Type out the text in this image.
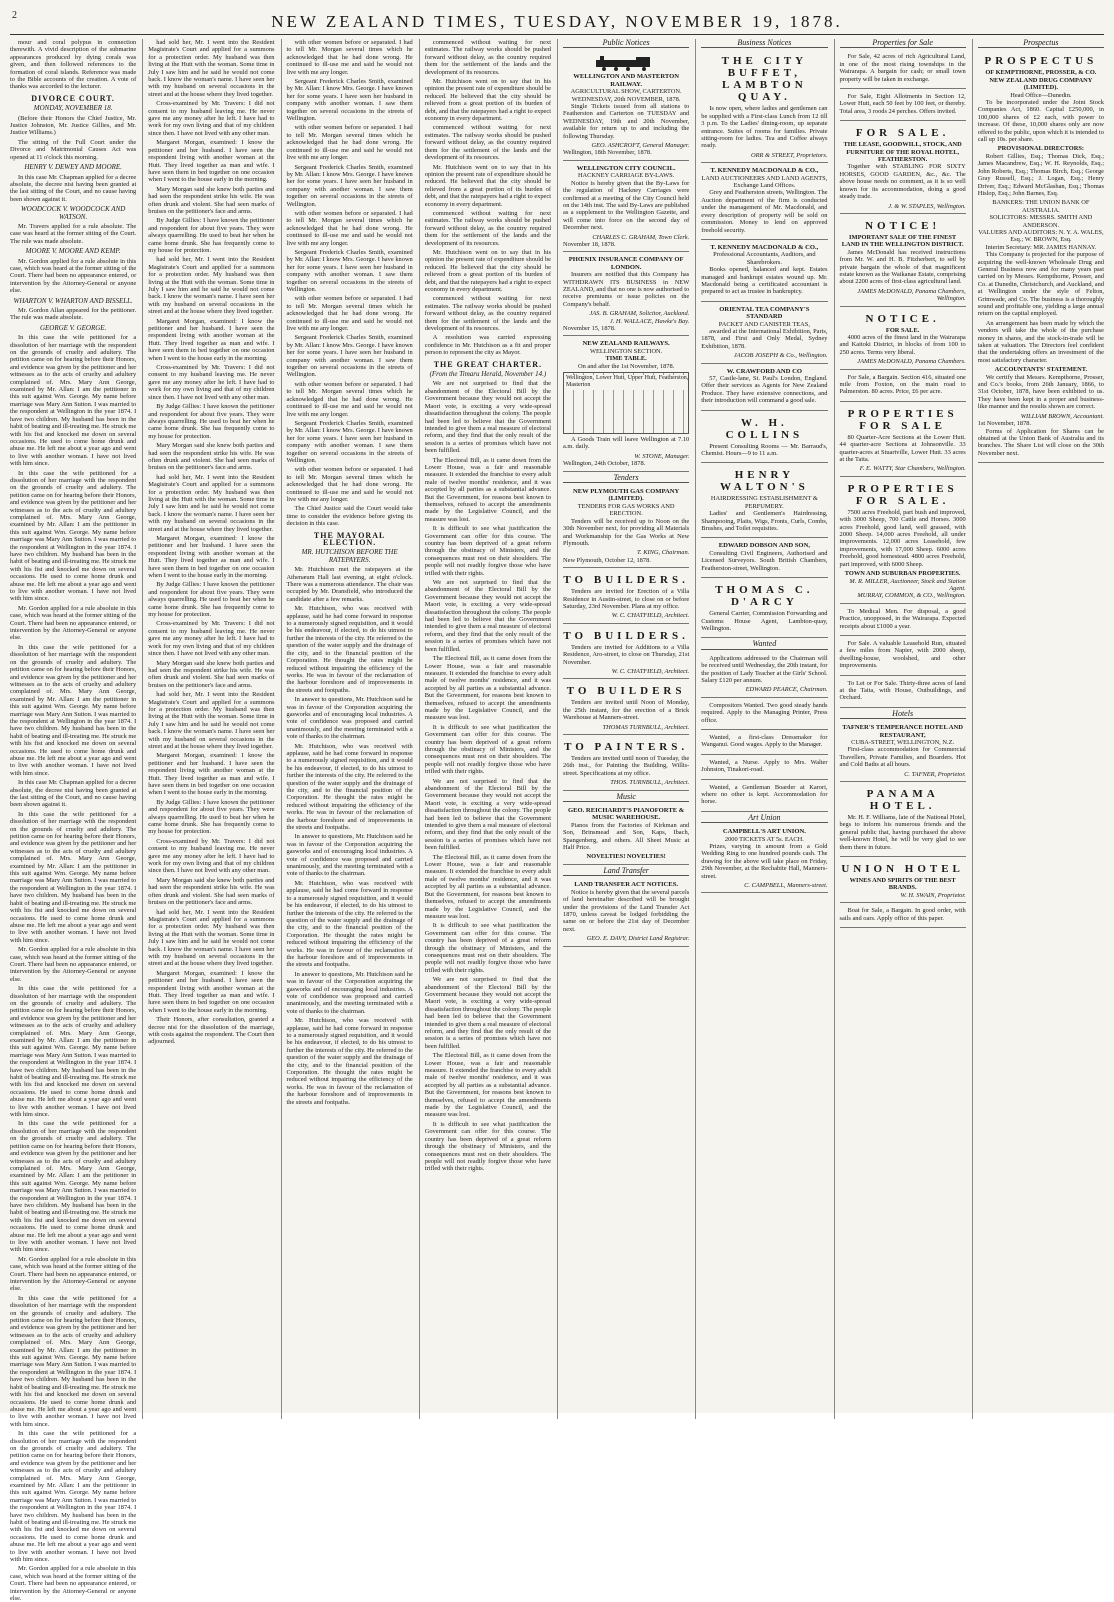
2	NEW ZEALAND TIMES, TUESDAY, NOVEMBER 19, 1878.

mour and coral polypus in connection therewith. A vivid description of the submarine appearances produced by dying corals was given, and then followed references to the formation of coral islands. Reference was made to the Bible accounts of the creation. A vote of thanks was accorded to the lecturer.

DIVORCE COURT.
MONDAY, NOVEMBER 18.

(Before their Honors the Chief Justice, Mr. Justice Johnston, Mr. Justice Gillies, and Mr. Justice Williams.)

The sitting of the Full Court under the Divorce and Matrimonial Causes Act was opened at 11 o'clock this morning.

HENRY V. DEWEY AND MOORE.

In this case Mr. Chapman applied for a decree absolute, the decree nisi having been granted at the last sitting of the Court, and no cause having been shown against it.

WOODCOCK V. WOODCOCK AND WATSON.

Mr. Travers applied for a rule absolute. The case was heard at the former sitting of the Court. The rule was made absolute.

MOORE V. MOORE AND KEMP.

Mr. Gordon applied for a rule absolute in this case, which was heard at the former sitting of the Court. There had been no appearance entered, or intervention by the Attorney-General or anyone else.

WHARTON V. WHARTON AND BISSELL.

Mr. Gordon Allan appeared for the petitioner. The rule was made absolute.

GEORGE V. GEORGE.

In this case the wife petitioned for a dissolution of her marriage with the respondent on the grounds of cruelty and adultery. The petition came on for hearing before their Honors, and evidence was given by the petitioner and her witnesses as to the acts of cruelty and adultery complained of. Mrs. Mary Ann George, examined by Mr. Allan: I am the petitioner in this suit against Wm. George. My name before marriage was Mary Ann Sutton. I was married to the respondent at Wellington in the year 1874. I have two children. My husband has been in the habit of beating and ill-treating me. He struck me with his fist and knocked me down on several occasions. He used to come home drunk and abuse me. He left me about a year ago and went to live with another woman. I have not lived with him since.

In this case the wife petitioned for a dissolution of her marriage with the respondent on the grounds of cruelty and adultery. The petition came on for hearing before their Honors, and evidence was given by the petitioner and her witnesses as to the acts of cruelty and adultery complained of. Mrs. Mary Ann George, examined by Mr. Allan: I am the petitioner in this suit against Wm. George. My name before marriage was Mary Ann Sutton. I was married to the respondent at Wellington in the year 1874. I have two children. My husband has been in the habit of beating and ill-treating me. He struck me with his fist and knocked me down on several occasions. He used to come home drunk and abuse me. He left me about a year ago and went to live with another woman. I have not lived with him since.

Mr. Gordon applied for a rule absolute in this case, which was heard at the former sitting of the Court. There had been no appearance entered, or intervention by the Attorney-General or anyone else.

In this case the wife petitioned for a dissolution of her marriage with the respondent on the grounds of cruelty and adultery. The petition came on for hearing before their Honors, and evidence was given by the petitioner and her witnesses as to the acts of cruelty and adultery complained of. Mrs. Mary Ann George, examined by Mr. Allan: I am the petitioner in this suit against Wm. George. My name before marriage was Mary Ann Sutton. I was married to the respondent at Wellington in the year 1874. I have two children. My husband has been in the habit of beating and ill-treating me. He struck me with his fist and knocked me down on several occasions. He used to come home drunk and abuse me. He left me about a year ago and went to live with another woman. I have not lived with him since.

In this case Mr. Chapman applied for a decree absolute, the decree nisi having been granted at the last sitting of the Court, and no cause having been shown against it.

In this case the wife petitioned for a dissolution of her marriage with the respondent on the grounds of cruelty and adultery. The petition came on for hearing before their Honors, and evidence was given by the petitioner and her witnesses as to the acts of cruelty and adultery complained of. Mrs. Mary Ann George, examined by Mr. Allan: I am the petitioner in this suit against Wm. George. My name before marriage was Mary Ann Sutton. I was married to the respondent at Wellington in the year 1874. I have two children. My husband has been in the habit of beating and ill-treating me. He struck me with his fist and knocked me down on several occasions. He used to come home drunk and abuse me. He left me about a year ago and went to live with another woman. I have not lived with him since.

Mr. Gordon applied for a rule absolute in this case, which was heard at the former sitting of the Court. There had been no appearance entered, or intervention by the Attorney-General or anyone else.

In this case the wife petitioned for a dissolution of her marriage with the respondent on the grounds of cruelty and adultery. The petition came on for hearing before their Honors, and evidence was given by the petitioner and her witnesses as to the acts of cruelty and adultery complained of. Mrs. Mary Ann George, examined by Mr. Allan: I am the petitioner in this suit against Wm. George. My name before marriage was Mary Ann Sutton. I was married to the respondent at Wellington in the year 1874. I have two children. My husband has been in the habit of beating and ill-treating me. He struck me with his fist and knocked me down on several occasions. He used to come home drunk and abuse me. He left me about a year ago and went to live with another woman. I have not lived with him since.

In this case the wife petitioned for a dissolution of her marriage with the respondent on the grounds of cruelty and adultery. The petition came on for hearing before their Honors, and evidence was given by the petitioner and her witnesses as to the acts of cruelty and adultery complained of. Mrs. Mary Ann George, examined by Mr. Allan: I am the petitioner in this suit against Wm. George. My name before marriage was Mary Ann Sutton. I was married to the respondent at Wellington in the year 1874. I have two children. My husband has been in the habit of beating and ill-treating me. He struck me with his fist and knocked me down on several occasions. He used to come home drunk and abuse me. He left me about a year ago and went to live with another woman. I have not lived with him since.

Mr. Gordon applied for a rule absolute in this case, which was heard at the former sitting of the Court. There had been no appearance entered, or intervention by the Attorney-General or anyone else.

In this case the wife petitioned for a dissolution of her marriage with the respondent on the grounds of cruelty and adultery. The petition came on for hearing before their Honors, and evidence was given by the petitioner and her witnesses as to the acts of cruelty and adultery complained of. Mrs. Mary Ann George, examined by Mr. Allan: I am the petitioner in this suit against Wm. George. My name before marriage was Mary Ann Sutton. I was married to the respondent at Wellington in the year 1874. I have two children. My husband has been in the habit of beating and ill-treating me. He struck me with his fist and knocked me down on several occasions. He used to come home drunk and abuse me. He left me about a year ago and went to live with another woman. I have not lived with him since.

In this case the wife petitioned for a dissolution of her marriage with the respondent on the grounds of cruelty and adultery. The petition came on for hearing before their Honors, and evidence was given by the petitioner and her witnesses as to the acts of cruelty and adultery complained of. Mrs. Mary Ann George, examined by Mr. Allan: I am the petitioner in this suit against Wm. George. My name before marriage was Mary Ann Sutton. I was married to the respondent at Wellington in the year 1874. I have two children. My husband has been in the habit of beating and ill-treating me. He struck me with his fist and knocked me down on several occasions. He used to come home drunk and abuse me. He left me about a year ago and went to live with another woman. I have not lived with him since.

Mr. Gordon applied for a rule absolute in this case, which was heard at the former sitting of the Court. There had been no appearance entered, or intervention by the Attorney-General or anyone else.

had sold her, Mr. I went into the Resident Magistrate's Court and applied for a summons for a protection order. My husband was then living at the Hutt with the woman. Some time in July I saw him and he said he would not come back. I know the woman's name. I have seen her with my husband on several occasions in the street and at the house where they lived together.

Cross-examined by Mr. Travers: I did not consent to my husband leaving me. He never gave me any money after he left. I have had to work for my own living and that of my children since then. I have not lived with any other man.

Margaret Morgan, examined: I know the petitioner and her husband. I have seen the respondent living with another woman at the Hutt. They lived together as man and wife. I have seen them in bed together on one occasion when I went to the house early in the morning.

Mary Morgan said she knew both parties and had seen the respondent strike his wife. He was often drunk and violent. She had seen marks of bruises on the petitioner's face and arms.

By Judge Gillies: I have known the petitioner and respondent for about five years. They were always quarrelling. He used to beat her when he came home drunk. She has frequently come to my house for protection.

had sold her, Mr. I went into the Resident Magistrate's Court and applied for a summons for a protection order. My husband was then living at the Hutt with the woman. Some time in July I saw him and he said he would not come back. I know the woman's name. I have seen her with my husband on several occasions in the street and at the house where they lived together.

Margaret Morgan, examined: I know the petitioner and her husband. I have seen the respondent living with another woman at the Hutt. They lived together as man and wife. I have seen them in bed together on one occasion when I went to the house early in the morning.

Cross-examined by Mr. Travers: I did not consent to my husband leaving me. He never gave me any money after he left. I have had to work for my own living and that of my children since then. I have not lived with any other man.

By Judge Gillies: I have known the petitioner and respondent for about five years. They were always quarrelling. He used to beat her when he came home drunk. She has frequently come to my house for protection.

Mary Morgan said she knew both parties and had seen the respondent strike his wife. He was often drunk and violent. She had seen marks of bruises on the petitioner's face and arms.

had sold her, Mr. I went into the Resident Magistrate's Court and applied for a summons for a protection order. My husband was then living at the Hutt with the woman. Some time in July I saw him and he said he would not come back. I know the woman's name. I have seen her with my husband on several occasions in the street and at the house where they lived together.

Margaret Morgan, examined: I know the petitioner and her husband. I have seen the respondent living with another woman at the Hutt. They lived together as man and wife. I have seen them in bed together on one occasion when I went to the house early in the morning.

By Judge Gillies: I have known the petitioner and respondent for about five years. They were always quarrelling. He used to beat her when he came home drunk. She has frequently come to my house for protection.

Cross-examined by Mr. Travers: I did not consent to my husband leaving me. He never gave me any money after he left. I have had to work for my own living and that of my children since then. I have not lived with any other man.

Mary Morgan said she knew both parties and had seen the respondent strike his wife. He was often drunk and violent. She had seen marks of bruises on the petitioner's face and arms.

had sold her, Mr. I went into the Resident Magistrate's Court and applied for a summons for a protection order. My husband was then living at the Hutt with the woman. Some time in July I saw him and he said he would not come back. I know the woman's name. I have seen her with my husband on several occasions in the street and at the house where they lived together.

Margaret Morgan, examined: I know the petitioner and her husband. I have seen the respondent living with another woman at the Hutt. They lived together as man and wife. I have seen them in bed together on one occasion when I went to the house early in the morning.

By Judge Gillies: I have known the petitioner and respondent for about five years. They were always quarrelling. He used to beat her when he came home drunk. She has frequently come to my house for protection.

Cross-examined by Mr. Travers: I did not consent to my husband leaving me. He never gave me any money after he left. I have had to work for my own living and that of my children since then. I have not lived with any other man.

Mary Morgan said she knew both parties and had seen the respondent strike his wife. He was often drunk and violent. She had seen marks of bruises on the petitioner's face and arms.

had sold her, Mr. I went into the Resident Magistrate's Court and applied for a summons for a protection order. My husband was then living at the Hutt with the woman. Some time in July I saw him and he said he would not come back. I know the woman's name. I have seen her with my husband on several occasions in the street and at the house where they lived together.

Margaret Morgan, examined: I know the petitioner and her husband. I have seen the respondent living with another woman at the Hutt. They lived together as man and wife. I have seen them in bed together on one occasion when I went to the house early in the morning.

Their Honors, after consultation, granted a decree nisi for the dissolution of the marriage, with costs against the respondent. The Court then adjourned.

with other women before or separated. I had to tell Mr. Morgan several times which he acknowledged that he had done wrong. He continued to ill-use me and said he would not live with me any longer.

Sergeant Frederick Charles Smith, examined by Mr. Allan: I know Mrs. George. I have known her for some years. I have seen her husband in company with another woman. I saw them together on several occasions in the streets of Wellington.

with other women before or separated. I had to tell Mr. Morgan several times which he acknowledged that he had done wrong. He continued to ill-use me and said he would not live with me any longer.

Sergeant Frederick Charles Smith, examined by Mr. Allan: I know Mrs. George. I have known her for some years. I have seen her husband in company with another woman. I saw them together on several occasions in the streets of Wellington.

with other women before or separated. I had to tell Mr. Morgan several times which he acknowledged that he had done wrong. He continued to ill-use me and said he would not live with me any longer.

Sergeant Frederick Charles Smith, examined by Mr. Allan: I know Mrs. George. I have known her for some years. I have seen her husband in company with another woman. I saw them together on several occasions in the streets of Wellington.

with other women before or separated. I had to tell Mr. Morgan several times which he acknowledged that he had done wrong. He continued to ill-use me and said he would not live with me any longer.

Sergeant Frederick Charles Smith, examined by Mr. Allan: I know Mrs. George. I have known her for some years. I have seen her husband in company with another woman. I saw them together on several occasions in the streets of Wellington.

with other women before or separated. I had to tell Mr. Morgan several times which he acknowledged that he had done wrong. He continued to ill-use me and said he would not live with me any longer.

Sergeant Frederick Charles Smith, examined by Mr. Allan: I know Mrs. George. I have known her for some years. I have seen her husband in company with another woman. I saw them together on several occasions in the streets of Wellington.

with other women before or separated. I had to tell Mr. Morgan several times which he acknowledged that he had done wrong. He continued to ill-use me and said he would not live with me any longer.

The Chief Justice said the Court would take time to consider the evidence before giving its decision in this case.

THE MAYORAL ELECTION.
MR. HUTCHISON BEFORE THE RATEPAYERS.

Mr. Hutchison met the ratepayers at the Athenæum Hall last evening, at eight o'clock. There was a numerous attendance. The chair was occupied by Mr. Dransfield, who introduced the candidate after a few remarks.

Mr. Hutchison, who was received with applause, said he had come forward in response to a numerously signed requisition, and it would be his endeavour, if elected, to do his utmost to further the interests of the city. He referred to the question of the water supply and the drainage of the city, and to the financial position of the Corporation. He thought the rates might be reduced without impairing the efficiency of the works. He was in favour of the reclamation of the harbour foreshore and of improvements in the streets and footpaths.

In answer to questions, Mr. Hutchison said he was in favour of the Corporation acquiring the gasworks and of encouraging local industries. A vote of confidence was proposed and carried unanimously, and the meeting terminated with a vote of thanks to the chairman.

Mr. Hutchison, who was received with applause, said he had come forward in response to a numerously signed requisition, and it would be his endeavour, if elected, to do his utmost to further the interests of the city. He referred to the question of the water supply and the drainage of the city, and to the financial position of the Corporation. He thought the rates might be reduced without impairing the efficiency of the works. He was in favour of the reclamation of the harbour foreshore and of improvements in the streets and footpaths.

In answer to questions, Mr. Hutchison said he was in favour of the Corporation acquiring the gasworks and of encouraging local industries. A vote of confidence was proposed and carried unanimously, and the meeting terminated with a vote of thanks to the chairman.

Mr. Hutchison, who was received with applause, said he had come forward in response to a numerously signed requisition, and it would be his endeavour, if elected, to do his utmost to further the interests of the city. He referred to the question of the water supply and the drainage of the city, and to the financial position of the Corporation. He thought the rates might be reduced without impairing the efficiency of the works. He was in favour of the reclamation of the harbour foreshore and of improvements in the streets and footpaths.

In answer to questions, Mr. Hutchison said he was in favour of the Corporation acquiring the gasworks and of encouraging local industries. A vote of confidence was proposed and carried unanimously, and the meeting terminated with a vote of thanks to the chairman.

Mr. Hutchison, who was received with applause, said he had come forward in response to a numerously signed requisition, and it would be his endeavour, if elected, to do his utmost to further the interests of the city. He referred to the question of the water supply and the drainage of the city, and to the financial position of the Corporation. He thought the rates might be reduced without impairing the efficiency of the works. He was in favour of the reclamation of the harbour foreshore and of improvements in the streets and footpaths.

commenced without waiting for next estimates. The railway works should be pushed forward without delay, as the country required them for the settlement of the lands and the development of its resources.

Mr. Hutchison went on to say that in his opinion the present rate of expenditure should be reduced. He believed that the city should be relieved from a great portion of its burden of debt, and that the ratepayers had a right to expect economy in every department.

commenced without waiting for next estimates. The railway works should be pushed forward without delay, as the country required them for the settlement of the lands and the development of its resources.

Mr. Hutchison went on to say that in his opinion the present rate of expenditure should be reduced. He believed that the city should be relieved from a great portion of its burden of debt, and that the ratepayers had a right to expect economy in every department.

commenced without waiting for next estimates. The railway works should be pushed forward without delay, as the country required them for the settlement of the lands and the development of its resources.

Mr. Hutchison went on to say that in his opinion the present rate of expenditure should be reduced. He believed that the city should be relieved from a great portion of its burden of debt, and that the ratepayers had a right to expect economy in every department.

commenced without waiting for next estimates. The railway works should be pushed forward without delay, as the country required them for the settlement of the lands and the development of its resources.

A resolution was carried expressing confidence in Mr. Hutchison as a fit and proper person to represent the city as Mayor.

THE GREAT CHARTER.
(From the Timaru Herald, November 14.)

We are not surprised to find that the abandonment of the Electoral Bill by the Government because they would not accept the Maori vote, is exciting a very wide-spread dissatisfaction throughout the colony. The people had been led to believe that the Government intended to give them a real measure of electoral reform, and they find that the only result of the session is a series of promises which have not been fulfilled.

The Electoral Bill, as it came down from the Lower House, was a fair and reasonable measure. It extended the franchise to every adult male of twelve months' residence, and it was accepted by all parties as a substantial advance. But the Government, for reasons best known to themselves, refused to accept the amendments made by the Legislative Council, and the measure was lost.

It is difficult to see what justification the Government can offer for this course. The country has been deprived of a great reform through the obstinacy of Ministers, and the consequences must rest on their shoulders. The people will not readily forgive those who have trifled with their rights.

We are not surprised to find that the abandonment of the Electoral Bill by the Government because they would not accept the Maori vote, is exciting a very wide-spread dissatisfaction throughout the colony. The people had been led to believe that the Government intended to give them a real measure of electoral reform, and they find that the only result of the session is a series of promises which have not been fulfilled.

The Electoral Bill, as it came down from the Lower House, was a fair and reasonable measure. It extended the franchise to every adult male of twelve months' residence, and it was accepted by all parties as a substantial advance. But the Government, for reasons best known to themselves, refused to accept the amendments made by the Legislative Council, and the measure was lost.

It is difficult to see what justification the Government can offer for this course. The country has been deprived of a great reform through the obstinacy of Ministers, and the consequences must rest on their shoulders. The people will not readily forgive those who have trifled with their rights.

We are not surprised to find that the abandonment of the Electoral Bill by the Government because they would not accept the Maori vote, is exciting a very wide-spread dissatisfaction throughout the colony. The people had been led to believe that the Government intended to give them a real measure of electoral reform, and they find that the only result of the session is a series of promises which have not been fulfilled.

The Electoral Bill, as it came down from the Lower House, was a fair and reasonable measure. It extended the franchise to every adult male of twelve months' residence, and it was accepted by all parties as a substantial advance. But the Government, for reasons best known to themselves, refused to accept the amendments made by the Legislative Council, and the measure was lost.

It is difficult to see what justification the Government can offer for this course. The country has been deprived of a great reform through the obstinacy of Ministers, and the consequences must rest on their shoulders. The people will not readily forgive those who have trifled with their rights.

We are not surprised to find that the abandonment of the Electoral Bill by the Government because they would not accept the Maori vote, is exciting a very wide-spread dissatisfaction throughout the colony. The people had been led to believe that the Government intended to give them a real measure of electoral reform, and they find that the only result of the session is a series of promises which have not been fulfilled.

The Electoral Bill, as it came down from the Lower House, was a fair and reasonable measure. It extended the franchise to every adult male of twelve months' residence, and it was accepted by all parties as a substantial advance. But the Government, for reasons best known to themselves, refused to accept the amendments made by the Legislative Council, and the measure was lost.

It is difficult to see what justification the Government can offer for this course. The country has been deprived of a great reform through the obstinacy of Ministers, and the consequences must rest on their shoulders. The people will not readily forgive those who have trifled with their rights.

Public Notices
WELLINGTON AND MASTERTON RAILWAY.
AGRICULTURAL SHOW, CARTERTON.
WEDNESDAY, 20th NOVEMBER, 1878.

Single Tickets issued from all stations to Featherston and Carterton on TUESDAY and WEDNESDAY, 19th and 20th November, available for return up to and including the following Thursday.

GEO. ASHCROFT, General Manager.
Wellington, 18th November, 1878.
WELLINGTON CITY COUNCIL.
HACKNEY CARRIAGE BY-LAWS.

Notice is hereby given that the By-Laws for the regulation of Hackney Carriages were confirmed at a meeting of the City Council held on the 14th inst. The said By-Laws are published as a supplement to the Wellington Gazette, and will come into force on the second day of December next.

CHARLES C. GRAHAM, Town Clerk.
November 18, 1878.
PHŒNIX INSURANCE COMPANY OF LONDON.

Insurers are notified that this Company has WITHDRAWN ITS BUSINESS in NEW ZEALAND, and that no one is now authorised to receive premiums or issue policies on the Company's behalf.

JAS. B. GRAHAM, Solicitor, Auckland.
J. H. WALLACE, Hawke's Bay.
November 15, 1878.
NEW ZEALAND RAILWAYS.
WELLINGTON SECTION.
TIME TABLE.
On and after the 1st November, 1878.
Wellington, Lower Hutt, Upper Hutt, Featherston, Masterton

A Goods Train will leave Wellington at 7.10 a.m. daily.

W. STONE, Manager.
Wellington, 24th October, 1878.
Tenders
NEW PLYMOUTH GAS COMPANY (LIMITED).
TENDERS FOR GAS WORKS AND ERECTION.

Tenders will be received up to Noon on the 30th November next, for providing all Materials and Workmanship for the Gas Works at New Plymouth.

T. KING, Chairman.
New Plymouth, October 12, 1878.
TO BUILDERS.

Tenders are invited for Erection of a Villa Residence in Austin-street, to close on or before Saturday, 23rd November. Plans at my office.

W. C. CHATFIELD, Architect.
TO BUILDERS.

Tenders are invited for Additions to a Villa Residence, Aro-street, to close on Thursday, 21st November.

W. C. CHATFIELD, Architect.
TO BUILDERS

Tenders are invited until Noon of Monday, the 25th instant, for the erection of a Brick Warehouse at Manners-street.

THOMAS TURNBULL, Architect.
TO PAINTERS.

Tenders are invited until noon of Tuesday, the 26th inst., for Painting the Building, Willis-street. Specifications at my office.

THOS. TURNBULL, Architect.
Music
GEO. REICHARDT'S PIANOFORTE & MUSIC WAREHOUSE.

Pianos from the Factories of Kirkman and Son, Brinsmead and Son, Kaps, Ibach, Spangenberg, and others. All Sheet Music at Half Price.

NOVELTIES! NOVELTIES!
Land Transfer
LAND TRANSFER ACT NOTICES.

Notice is hereby given that the several parcels of land hereinafter described will be brought under the provisions of the Land Transfer Act 1870, unless caveat be lodged forbidding the same on or before the 21st day of December next.

GEO. E. DAVY, District Land Registrar.
Business Notices
THE CITY BUFFET, LAMBTON QUAY.

Is now open, where ladies and gentlemen can be supplied with a First-class Lunch from 12 till 3 p.m. To the Ladies' dining-room, up separate entrance. Suites of rooms for families. Private sitting-room for ladies. Tea and Coffee always ready.

ORR & STREET, Proprietors.
T. KENNEDY MACDONALD & CO.,
LAND AUCTIONEERS AND LAND AGENTS, Exchange Land Offices.

Grey and Featherston streets, Wellington. The Auction department of the firm is conducted under the management of Mr. Macdonald, and every description of property will be sold on commission. Money to lend on approved freehold security.

T. KENNEDY MACDONALD & CO.,
Professional Accountants, Auditors, and Sharebrokers.

Books opened, balanced and kept. Estates managed and bankrupt estates wound up. Mr. Macdonald being a certificated accountant is prepared to act as trustee in bankruptcy.

ORIENTAL TEA COMPANY'S STANDARD
PACKET AND CANISTER TEAS,

awarded at the International Exhibition, Paris, 1878, and First and Only Medal, Sydney Exhibition, 1878.

JACOB JOSEPH & Co., Wellington.
W. CRAWFORD AND CO

57, Castle-lane, St. Paul's London, England. Offer their services as Agents for New Zealand Produce. They have extensive connections, and their introduction will command a good sale.

W. H. COLLINS

Present Consulting Rooms — Mr. Barraud's, Chemist. Hours—9 to 11 a.m.

HENRY WALTON'S
HAIRDRESSING ESTABLISHMENT & PERFUMERY.

Ladies' and Gentlemen's Hairdressing, Shampooing, Plaits, Wigs, Fronts, Curls, Combs, Brushes, and Toilet requisites.

EDWARD DOBSON AND SON,

Consulting Civil Engineers, Authorised and Licensed Surveyors. South British Chambers, Featherston-street, Wellington.

THOMAS C. D'ARCY

General Carrier, Commission Forwarding and Customs House Agent, Lambton-quay, Wellington.

Wanted

Applications addressed to the Chairman will be received until Wednesday, the 20th instant, for the position of Lady Teacher at the Girls' School. Salary £120 per annum.

EDWARD PEARCE, Chairman.

Compositors Wanted. Two good steady hands required. Apply to the Managing Printer, Press office.

Wanted, a first-class Dressmaker for Wanganui. Good wages. Apply to the Manager.

Wanted, a Nurse. Apply to Mrs. Walter Johnston, Tinakori-road.

Wanted, a Gentleman Boarder at Karori, where no other is kept. Accommodation for horse.

Art Union
CAMPBELL'S ART UNION.
2000 TICKETS AT 5s. EACH.

Prizes, varying in amount from a Gold Wedding Ring to one hundred pounds cash. The drawing for the above will take place on Friday, 29th November, at the Rechabite Hall, Manners-street.

C. CAMPBELL, Manners-street.
Properties for Sale

For Sale, 42 acres of rich Agricultural Land, in one of the most rising townships in the Wairarapa. A bargain for cash; or small town property will be taken in exchange.

For Sale, Eight Allotments in Section 12, Lower Hutt, each 50 feet by 100 feet, or thereby. Total area, 3 roods 24 perches. Offers invited.

FOR SALE.
THE LEASE, GOODWILL, STOCK, AND FURNITURE OF THE ROYAL HOTEL, FEATHERSTON.

Together with STABLING FOR SIXTY HORSES, GOOD GARDEN, &c., &c. The above house needs no comment, as it is so well known for its accommodation, doing a good steady trade.

J. & W. STAPLES, Wellington.
NOTICE!
IMPORTANT SALE OF THE FINEST LAND IN THE WELLINGTON DISTRICT.

James McDonald has received instructions from Mr. W. and H. B. Fitzherbert, to sell by private bargain the whole of that magnificent estate known as the Waikanae Estate, comprising about 2200 acres of first-class agricultural land.

JAMES McDONALD, Panama Chambers, Wellington.
NOTICE.
FOR SALE.

4000 acres of the finest land in the Wairarapa and Kaitoki District, in blocks of from 100 to 250 acres. Terms very liberal.

JAMES McDONALD, Panama Chambers.

For Sale, a Bargain. Section 416, situated one mile from Foxton, on the main road to Palmerston. 80 acres. Price, £6 per acre.

PROPERTIES FOR SALE

80 Quarter-Acre Sections at the Lower Hutt. 44 quarter-acre Sections at Johnsonville. 33 quarter-acres at Stuartville, Lower Hutt. 33 acres at the Taita.

F. E. WATTY, Star Chambers, Wellington.
PROPERTIES FOR SALE.

7500 acres Freehold, part bush and improved, with 3000 Sheep, 700 Cattle and Horses. 3000 acres Freehold, good land, well grassed, with 2000 Sheep. 14,000 acres Freehold, all under improvements. 12,000 acres Leasehold, few improvements, with 17,000 Sheep. 6000 acres Freehold, good homestead. 4800 acres Freehold, part improved, with 6000 Sheep.

TOWN AND SUBURBAN PROPERTIES.
M. R. MILLER, Auctioneer, Stock and Station Agent.
MURRAY, COMMON, & CO., Wellington.

To Medical Men. For disposal, a good Practice, unopposed, in the Wairarapa. Expected receipts about £1000 a year.

For Sale. A valuable Leasehold Run, situated a few miles from Napier, with 2000 sheep, dwelling-house, woolshed, and other improvements.

To Let or For Sale. Thirty-three acres of land at the Taita, with House, Outbuildings, and Orchard.

Hotels
TAFNER'S TEMPERANCE HOTEL AND RESTAURANT,
CUBA-STREET, WELLINGTON, N.Z.

First-class accommodation for Commercial Travellers, Private Families, and Boarders. Hot and Cold Baths at all hours.

C. TAFNER, Proprietor.
PANAMA HOTEL.

Mr. H. F. Williams, late of the National Hotel, begs to inform his numerous friends and the general public that, having purchased the above well-known Hotel, he will be very glad to see them there in future.

UNION HOTEL
WINES AND SPIRITS OF THE BEST BRANDS.
W. H. SWAIN, Proprietor.

Boat for Sale, a Bargain. In good order, with sails and oars. Apply office of this paper.

Prospectus
PROSPECTUS
OF KEMPTHORNE, PROSSER, & CO. NEW ZEALAND DRUG COMPANY (LIMITED).
Head Office—Dunedin.

To be incorporated under the Joint Stock Companies Act, 1860. Capital £250,000, in 100,000 shares of £2 each, with power to increase. Of these, 10,000 shares only are now offered to the public, upon which it is intended to call up 10s. per share.

PROVISIONAL DIRECTORS:

Robert Gillies, Esq.; Thomas Dick, Esq.; James Macandrew, Esq.; W. H. Reynolds, Esq.; John Roberts, Esq.; Thomas Birch, Esq.; George Gray Russell, Esq.; J. Logan, Esq.; Henry Driver, Esq.; Edward McGlashan, Esq.; Thomas Hislop, Esq.; John Barnes, Esq.

BANKERS: THE UNION BANK OF AUSTRALIA.
SOLICITORS: MESSRS. SMITH AND ANDERSON.
VALUERS AND AUDITORS: N. Y. A. WALES, Esq.; W. BROWN, Esq.
Interim Secretary: MR. JAMES HANNAY.

This Company is projected for the purpose of acquiring the well-known Wholesale Drug and General Business now and for many years past carried on by Messrs. Kempthorne, Prosser, and Co. at Dunedin, Christchurch, and Auckland, and at Wellington under the style of Felton, Grimwade, and Co. The business is a thoroughly sound and profitable one, yielding a large annual return on the capital employed.

An arrangement has been made by which the vendors will take the whole of the purchase money in shares, and the stock-in-trade will be taken at valuation. The Directors feel confident that the undertaking offers an investment of the most satisfactory character.

ACCOUNTANTS' STATEMENT.

We certify that Messrs. Kempthorne, Prosser, and Co.'s books, from 26th January, 1866, to 31st October, 1878, have been exhibited to us. They have been kept in a proper and business-like manner and the results shown are correct.

WILLIAM BROWN, Accountant.
1st November, 1878.

Forms of Application for Shares can be obtained at the Union Bank of Australia and its branches. The Share List will close on the 30th November next.
